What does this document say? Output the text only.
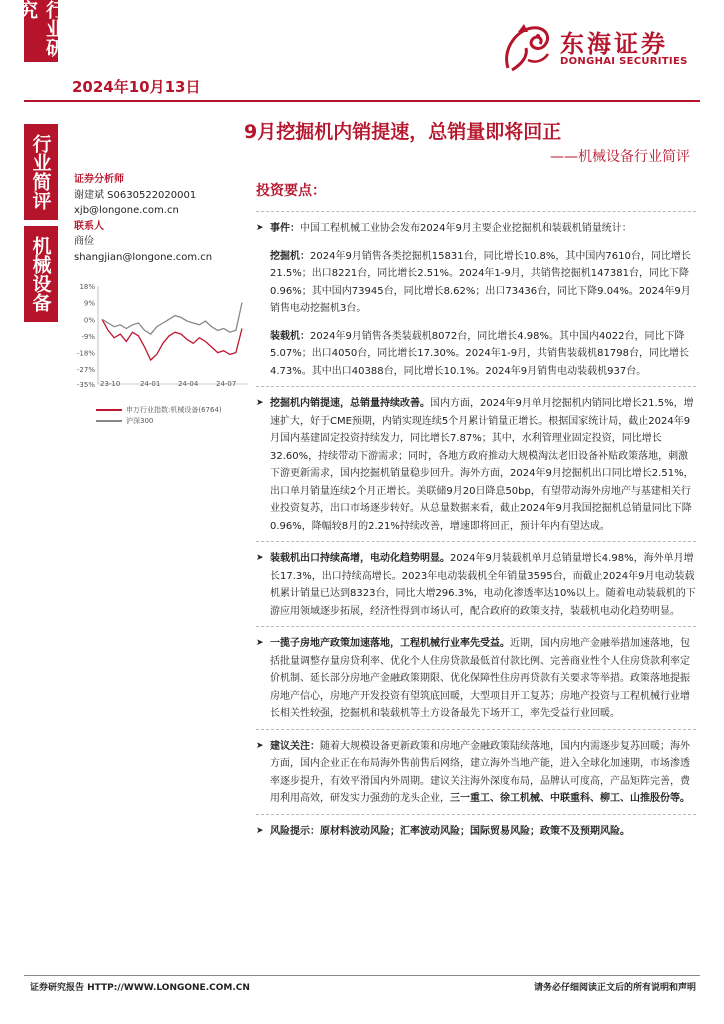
行业研究
行业简评
机械设备
2024年10月13日
东海证券
DONGHAI SECURITIES
9月挖掘机内销提速，总销量即将回正
——机械设备行业简评
证券分析师
谢建斌 S0630522020001
xjb@longone.com.cn
联系人
商俭
shangjian@longone.com.cn
18%
9%
0%
-9%
-18%
-27%
-35% 23-10	24-01	24-04	24-07
申万行业指数:机械设备(6764)
沪深300
投资要点：
➤ 事件：中国工程机械工业协会发布2024年9月主要企业挖掘机和装载机销量统计：
挖掘机：2024年9月销售各类挖掘机15831台，同比增长10.8%，其中国内7610台，同比增长21.5%；出口8221台，同比增长2.51%。2024年1-9月，共销售挖掘机147381台，同比下降0.96%；其中国内73945台，同比增长8.62%；出口73436台，同比下降9.04%。2024年9月销售电动挖掘机3台。
装载机：2024年9月销售各类装载机8072台，同比增长4.98%。其中国内4022台，同比下降5.07%；出口4050台，同比增长17.30%。2024年1-9月，共销售装载机81798台，同比增长4.73%。其中出口40388台，同比增长10.1%。2024年9月销售电动装载机937台。
➤ 挖掘机内销提速，总销量持续改善。国内方面，2024年9月单月挖掘机内销同比增长21.5%，增速扩大，好于CME预期，内销实现连续5个月累计销量正增长。根据国家统计局，截止2024年9月国内基建固定投资持续发力，同比增长7.87%；其中，水利管理业固定投资，同比增长32.60%，持续带动下游需求；同时，各地方政府推动大规模淘汰老旧设备补贴政策落地，刺激下游更新需求，国内挖掘机销量稳步回升。海外方面，2024年9月挖掘机出口同比增长2.51%，出口单月销量连续2个月正增长。美联储9月20日降息50bp，有望带动海外房地产与基建相关行业投资复苏，出口市场逐步转好。从总量数据来看，截止2024年9月我国挖掘机总销量同比下降0.96%，降幅较8月的2.21%持续改善，增速即将回正，预计年内有望达成。
➤ 装载机出口持续高增，电动化趋势明显。2024年9月装载机单月总销量增长4.98%，海外单月增长17.3%，出口持续高增长。2023年电动装载机全年销量3595台，而截止2024年9月电动装载机累计销量已达到8323台，同比大增296.3%，电动化渗透率达10%以上。随着电动装载机的下游应用领域逐步拓展，经济性得到市场认可，配合政府的政策支持，装载机电动化趋势明显。
➤ 一揽子房地产政策加速落地，工程机械行业率先受益。近期，国内房地产金融举措加速落地，包括批量调整存量房贷利率、优化个人住房贷款最低首付款比例、完善商业性个人住房贷款利率定价机制、延长部分房地产金融政策期限、优化保障性住房再贷款有关要求等举措。政策落地提振房地产信心，房地产开发投资有望筑底回暖，大型项目开工复苏；房地产投资与工程机械行业增长相关性较强，挖掘机和装载机等土方设备最先下场开工，率先受益行业回暖。
➤ 建议关注：随着大规模设备更新政策和房地产金融政策陆续落地，国内内需逐步复苏回暖；海外方面，国内企业正在布局海外售前售后网络，建立海外当地产能，进入全球化加速期，市场渗透率逐步提升，有效平滑国内外周期。建议关注海外深度布局，品牌认可度高，产品矩阵完善，费用利用高效，研发实力强劲的龙头企业，三一重工、徐工机械、中联重科、柳工、山推股份等。
➤ 风险提示：原材料波动风险；汇率波动风险；国际贸易风险；政策不及预期风险。
证券研究报告 HTTP://WWW.LONGONE.COM.CN	请务必仔细阅读正文后的所有说明和声明
